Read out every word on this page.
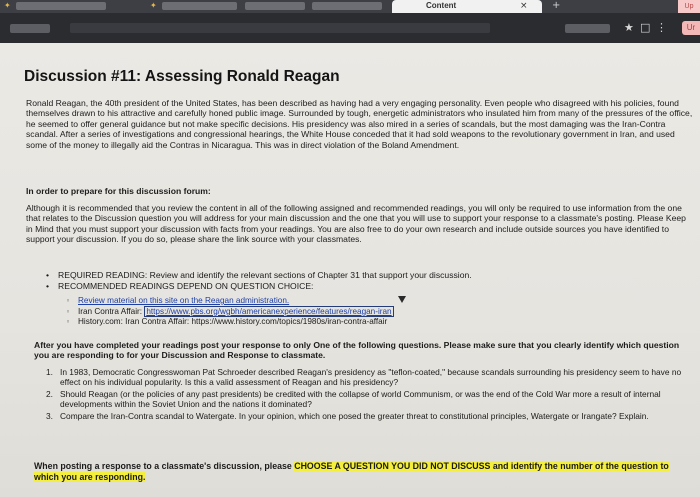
✦	✦	Content	× +	Up
★ □ ⋮	Ur
Discussion #11: Assessing Ronald Reagan

Ronald Reagan, the 40th president of the United States, has been described as having had a very engaging personality. Even people who disagreed with his policies, found themselves drawn to his attractive and carefully honed public image. Surrounded by tough, energetic administrators who insulated him from many of the pressures of the office, he seemed to offer general guidance but not make specific decisions. His presidency was also mired in a series of scandals, but the most damaging was the Iran-Contra scandal. After a series of investigations and congressional hearings, the White House conceded that it had sold weapons to the revolutionary government in Iran, and used some of the money to illegally aid the Contras in Nicaragua. This was in direct violation of the Boland Amendment.

In order to prepare for this discussion forum:

Although it is recommended that you review the content in all of the following assigned and recommended readings, you will only be required to use information from the one that relates to the Discussion question you will address for your main discussion and the one that you will use to support your response to a classmate's posting. Please Keep in Mind that you must support your discussion with facts from your readings. You are also free to do your own research and include outside sources you have identified to support your discussion. If you do so, please share the link source with your classmates.

• REQUIRED READING: Review and identify the relevant sections of Chapter 31 that support your discussion.
• RECOMMENDED READINGS DEPEND ON QUESTION CHOICE:
◦ Review material on this site on the Reagan administration.
◦ Iran Contra Affair: https://www.pbs.org/wgbh/americanexperience/features/reagan-iran
◦ History.com: Iran Contra Affair: https://www.history.com/topics/1980s/iran-contra-affair

After you have completed your readings post your response to only One of the following questions. Please make sure that you clearly identify which question you are responding to for your Discussion and Response to classmate.

1. In 1983, Democratic Congresswoman Pat Schroeder described Reagan's presidency as "teflon-coated," because scandals surrounding his presidency seem to have no effect on his individual popularity. Is this a valid assessment of Reagan and his presidency?
2. Should Reagan (or the policies of any past presidents) be credited with the collapse of world Communism, or was the end of the Cold War more a result of internal developments within the Soviet Union and the nations it dominated?
3. Compare the Iran-Contra scandal to Watergate. In your opinion, which one posed the greater threat to constitutional principles, Watergate or Irangate? Explain.

When posting a response to a classmate's discussion, please CHOOSE A QUESTION YOU DID NOT DISCUSS and identify the number of the question to which you are responding.
